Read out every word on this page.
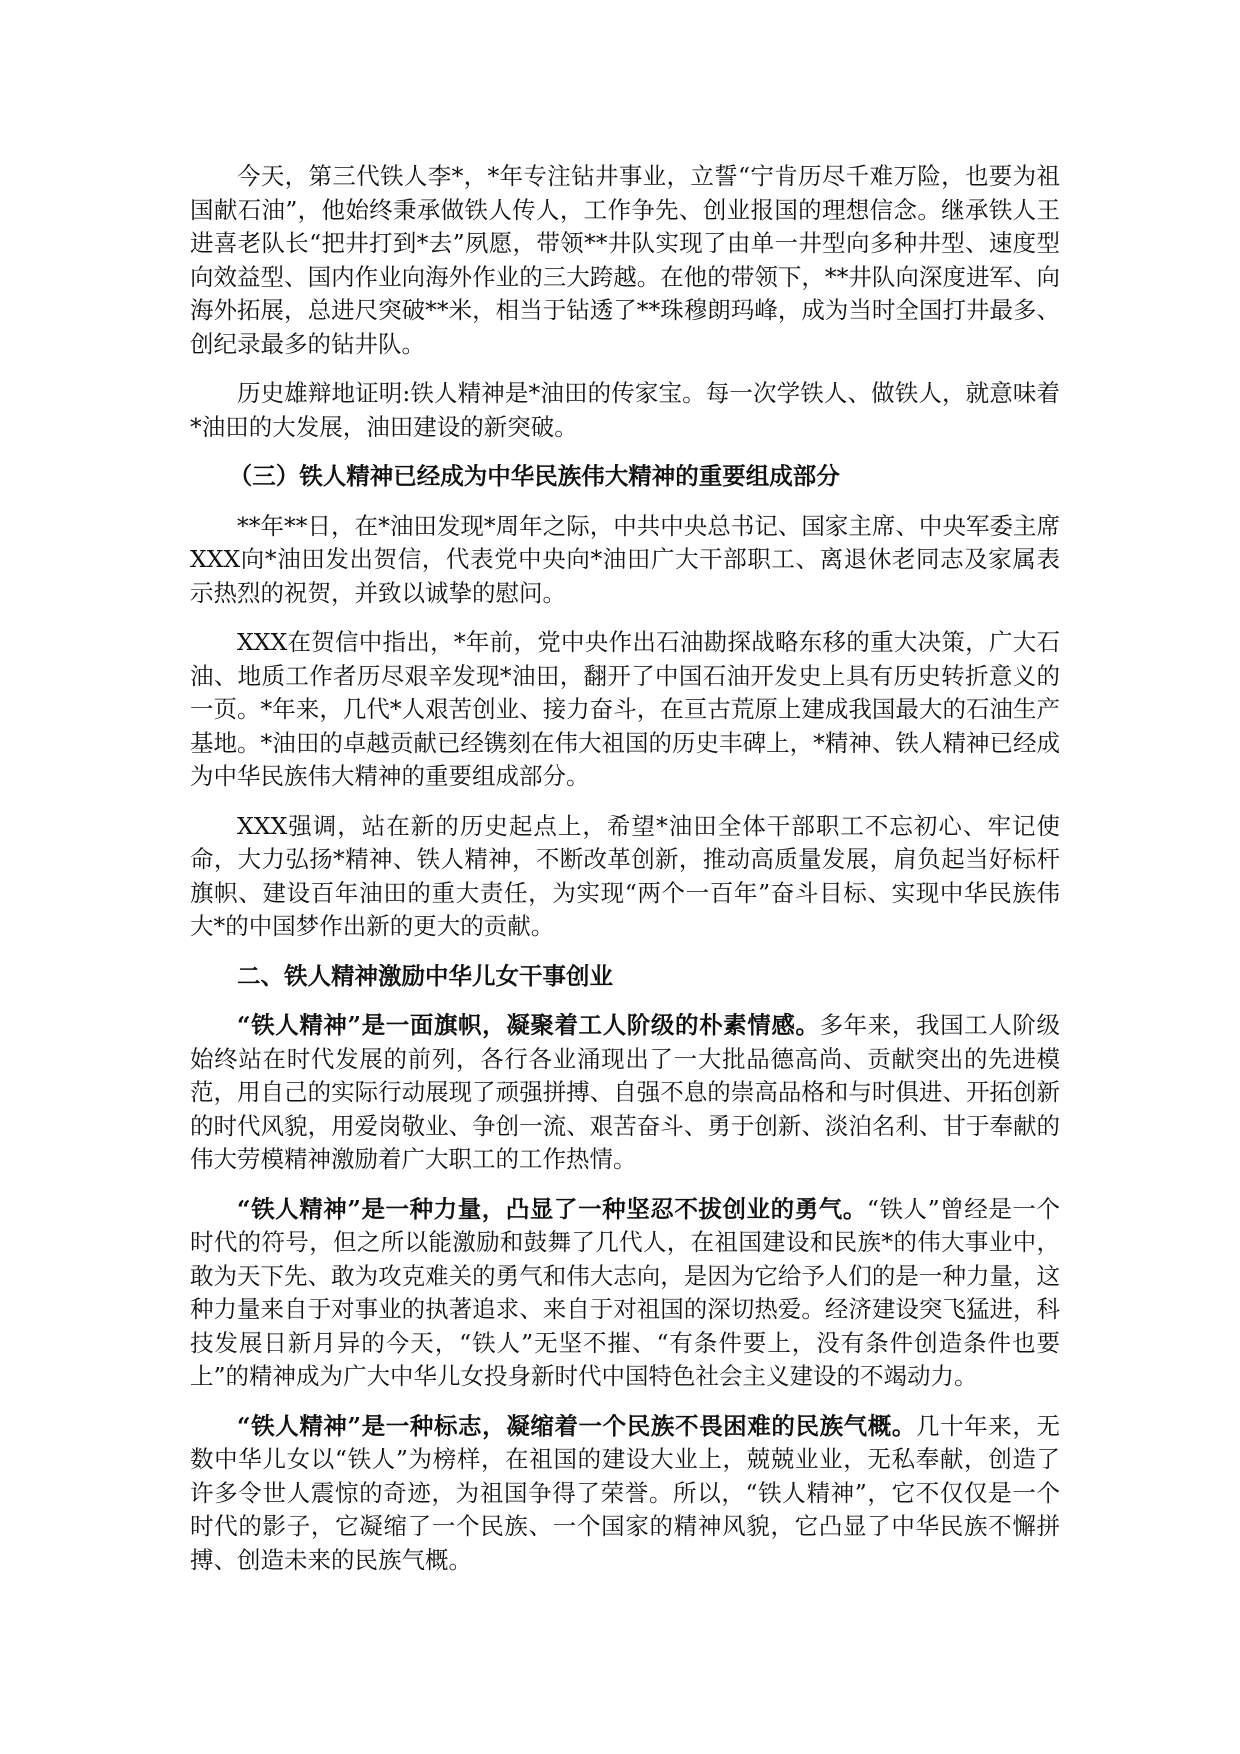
今天，第三代铁人李*，*年专注钻井事业，立誓“宁肯历尽千难万险，也要为祖国献石油”，他始终秉承做铁人传人，工作争先、创业报国的理想信念。继承铁人王进喜老队长“把井打到*去”夙愿，带领**井队实现了由单一井型向多种井型、速度型向效益型、国内作业向海外作业的三大跨越。在他的带领下，**井队向深度进军、向海外拓展，总进尺突破**米，相当于钻透了**珠穆朗玛峰，成为当时全国打井最多、创纪录最多的钻井队。

历史雄辩地证明:铁人精神是*油田的传家宝。每一次学铁人、做铁人，就意味着*油田的大发展，油田建设的新突破。

（三）铁人精神已经成为中华民族伟大精神的重要组成部分

**年**日，在*油田发现*周年之际，中共中央总书记、国家主席、中央军委主席XXX向*油田发出贺信，代表党中央向*油田广大干部职工、离退休老同志及家属表示热烈的祝贺，并致以诚挚的慰问。

XXX在贺信中指出，*年前，党中央作出石油勘探战略东移的重大决策，广大石油、地质工作者历尽艰辛发现*油田，翻开了中国石油开发史上具有历史转折意义的一页。*年来，几代*人艰苦创业、接力奋斗，在亘古荒原上建成我国最大的石油生产基地。*油田的卓越贡献已经镌刻在伟大祖国的历史丰碑上，*精神、铁人精神已经成为中华民族伟大精神的重要组成部分。

XXX强调，站在新的历史起点上，希望*油田全体干部职工不忘初心、牢记使命，大力弘扬*精神、铁人精神，不断改革创新，推动高质量发展，肩负起当好标杆旗帜、建设百年油田的重大责任，为实现“两个一百年”奋斗目标、实现中华民族伟大*的中国梦作出新的更大的贡献。

二、铁人精神激励中华儿女干事创业

“铁人精神”是一面旗帜，凝聚着工人阶级的朴素情感。多年来，我国工人阶级始终站在时代发展的前列，各行各业涌现出了一大批品德高尚、贡献突出的先进模范，用自己的实际行动展现了顽强拼搏、自强不息的崇高品格和与时俱进、开拓创新的时代风貌，用爱岗敬业、争创一流、艰苦奋斗、勇于创新、淡泊名利、甘于奉献的伟大劳模精神激励着广大职工的工作热情。

“铁人精神”是一种力量，凸显了一种坚忍不拔创业的勇气。“铁人”曾经是一个时代的符号，但之所以能激励和鼓舞了几代人，在祖国建设和民族*的伟大事业中，敢为天下先、敢为攻克难关的勇气和伟大志向，是因为它给予人们的是一种力量，这种力量来自于对事业的执著追求、来自于对祖国的深切热爱。经济建设突飞猛进，科技发展日新月异的今天，“铁人”无坚不摧、“有条件要上，没有条件创造条件也要上”的精神成为广大中华儿女投身新时代中国特色社会主义建设的不竭动力。

“铁人精神”是一种标志，凝缩着一个民族不畏困难的民族气概。几十年来，无数中华儿女以“铁人”为榜样，在祖国的建设大业上，兢兢业业，无私奉献，创造了许多令世人震惊的奇迹，为祖国争得了荣誉。所以，“铁人精神”，它不仅仅是一个时代的影子，它凝缩了一个民族、一个国家的精神风貌，它凸显了中华民族不懈拼搏、创造未来的民族气概。
